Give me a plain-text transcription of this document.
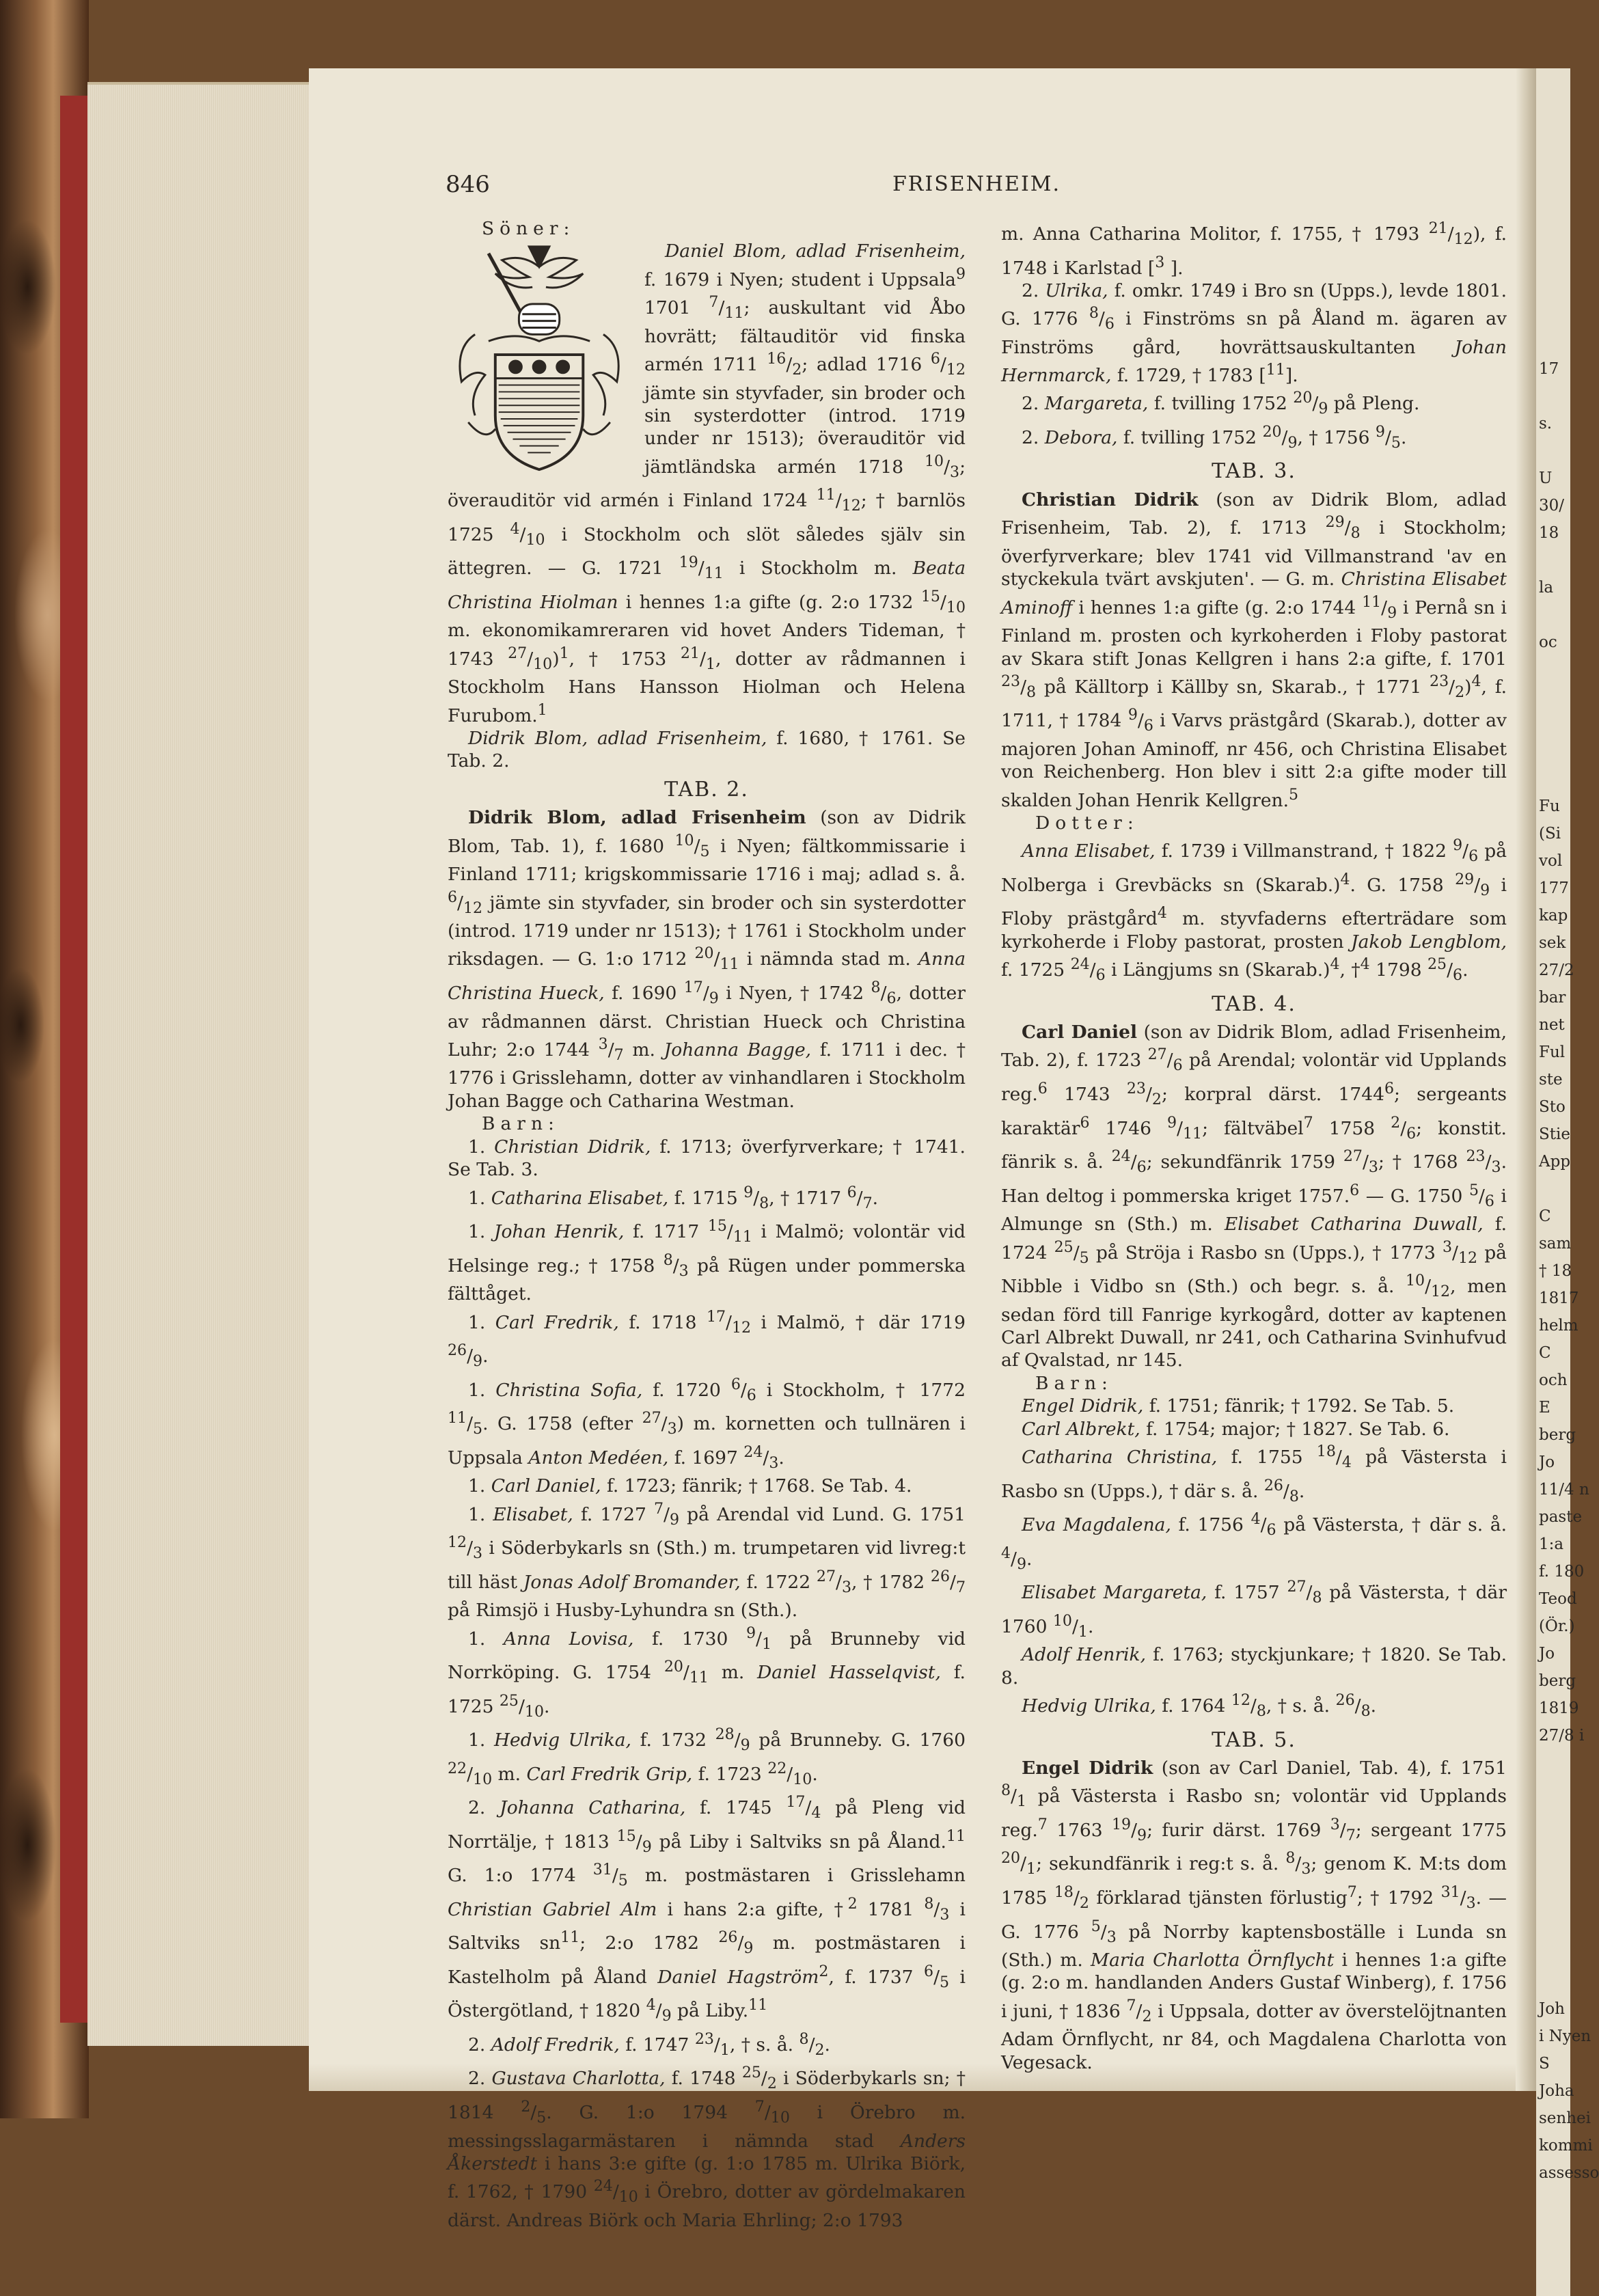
17
s.
U
30/
18
la
oc
Fu
(Si
vol
177
kap
sek
27/2
bar
net
Ful
ste
Sto
Stie
App
C
sam
† 18
1817
helm
C
och
E
berg
Jo
11/4 n
paste
1:a
f. 180
Teod
(Ör.)
Jo
berg
1819
27/8 i
Joh
i Nyen
S
Joha
senhei
kommi
assesso
846	FRISENHEIM.

Söner:

Daniel Blom, adlad Frisenheim, f. 1679 i Nyen; student i Uppsala$^9$ 1701 $^7/_{11}$; auskultant vid Åbo hovrätt; fältauditör vid finska armén 1711 $^{16}/_2$; adlad 1716 $^6/_{12}$ jämte sin styvfader, sin broder och sin systerdotter (introd. 1719 under nr 1513); överauditör vid jämtländska armén 1718 $^{10}/_3$; överauditör vid armén i Finland 1724 $^{11}/_{12}$; † barnlös 1725 $^4/_{10}$ i Stockholm och slöt således själv sin ättegren. — G. 1721 $^{19}/_{11}$ i Stockholm m. Beata Christina Hiolman i hennes 1:a gifte (g. 2:o 1732 $^{15}/_{10}$ m. ekonomikamreraren vid hovet Anders Tideman, † 1743 $^{27}/_{10})^1$, † 1753 $^{21}/_1$, dotter av rådmannen i Stockholm Hans Hansson Hiolman och Helena Furubom.$^1$

Didrik Blom, adlad Frisenheim, f. 1680, † 1761. Se Tab. 2.

TAB. 2.

Didrik Blom, adlad Frisenheim (son av Didrik Blom, Tab. 1), f. 1680 $^{10}/_5$ i Nyen; fältkommissarie i Finland 1711; krigskommissarie 1716 i maj; adlad s. å. $^6/_{12}$ jämte sin styvfader, sin broder och sin systerdotter (introd. 1719 under nr 1513); † 1761 i Stockholm under riksdagen. — G. 1:o 1712 $^{20}/_{11}$ i nämnda stad m. Anna Christina Hueck, f. 1690 $^{17}/_9$ i Nyen, † 1742 $^8/_6$, dotter av rådmannen därst. Christian Hueck och Christina Luhr; 2:o 1744 $^3/_7$ m. Johanna Bagge, f. 1711 i dec. † 1776 i Grisslehamn, dotter av vinhandlaren i Stockholm Johan Bagge och Catharina Westman.

Barn:

1. Christian Didrik, f. 1713; överfyrverkare; † 1741. Se Tab. 3.

1. Catharina Elisabet, f. 1715 $^9/_8$, † 1717 $^6/_7$.

1. Johan Henrik, f. 1717 $^{15}/_{11}$ i Malmö; volontär vid Helsinge reg.; † 1758 $^8/_3$ på Rügen under pommerska fälttåget.

1. Carl Fredrik, f. 1718 $^{17}/_{12}$ i Malmö, † där 1719 $^{26}/_9$.

1. Christina Sofia, f. 1720 $^6/_6$ i Stockholm, † 1772 $^{11}/_5$. G. 1758 (efter $^{27}/_3$) m. kornetten och tullnären i Uppsala Anton Medéen, f. 1697 $^{24}/_3$.

1. Carl Daniel, f. 1723; fänrik; † 1768. Se Tab. 4.

1. Elisabet, f. 1727 $^7/_9$ på Arendal vid Lund. G. 1751 $^{12}/_3$ i Söderbykarls sn (Sth.) m. trumpetaren vid livreg:t till häst Jonas Adolf Bromander, f. 1722 $^{27}/_3$, † 1782 $^{26}/_7$ på Rimsjö i Husby-Lyhundra sn (Sth.).

1. Anna Lovisa, f. 1730 $^9/_1$ på Brunneby vid Norrköping. G. 1754 $^{20}/_{11}$ m. Daniel Hasselqvist, f. 1725 $^{25}/_{10}$.

1. Hedvig Ulrika, f. 1732 $^{28}/_9$ på Brunneby. G. 1760 $^{22}/_{10}$ m. Carl Fredrik Grip, f. 1723 $^{22}/_{10}$.

2. Johanna Catharina, f. 1745 $^{17}/_4$ på Pleng vid Norrtälje, † 1813 $^{15}/_9$ på Liby i Saltviks sn på Åland.$^{11}$ G. 1:o 1774 $^{31}/_5$ m. postmästaren i Grisslehamn Christian Gabriel Alm i hans 2:a gifte, †$^2$ 1781 $^8/_3$ i Saltviks $sn^{11}$; 2:o 1782 $^{26}/_9$ m. postmästaren i Kastelholm på Åland Daniel Hagström$^2$, f. 1737 $^6/_5$ i Östergötland, † 1820 $^4/_9$ på Liby.$^{11}$

2. Adolf Fredrik, f. 1747 $^{23}/_1$, † s. å. $^8/_2$.

2. Gustava Charlotta, f. 1748 $^{25}/_2$ i Söderbykarls sn; † 1814 $^2/_5$. G. 1:o 1794 $^7/_{10}$ i Örebro m. messingsslagarmästaren i nämnda stad Anders Åkerstedt i hans 3:e gifte (g. 1:o 1785 m. Ulrika Biörk, f. 1762, † 1790 $^{24}/_{10}$ i Örebro, dotter av gördelmakaren därst. Andreas Biörk och Maria Ehrling; 2:o 1793

m. Anna Catharina Molitor, f. 1755, † 1793 $^{21}/_{12}$), f. 1748 i Karlstad [$^3$ ].

2. Ulrika, f. omkr. 1749 i Bro sn (Upps.), levde 1801. G. 1776 $^8/_6$ i Finströms sn på Åland m. ägaren av Finströms gård, hovrättsauskultanten Johan Hernmarck, f. 1729, † 1783 [$^{11}$].

2. Margareta, f. tvilling 1752 $^{20}/_9$ på Pleng.

2. Debora, f. tvilling 1752 $^{20}/_9$, † 1756 $^9/_5$.

TAB. 3.

Christian Didrik (son av Didrik Blom, adlad Frisenheim, Tab. 2), f. 1713 $^{29}/_8$ i Stockholm; överfyrverkare; blev 1741 vid Villmanstrand 'av en styckekula tvärt avskjuten'. — G. m. Christina Elisabet Aminoff i hennes 1:a gifte (g. 2:o 1744 $^{11}/_9$ i Pernå sn i Finland m. prosten och kyrkoherden i Floby pastorat av Skara stift Jonas Kellgren i hans 2:a gifte, f. 1701 $^{23}/_8$ på Källtorp i Källby sn, Skarab., † 1771 $^{23}/_2)^4$, f. 1711, † 1784 $^9/_6$ i Varvs prästgård (Skarab.), dotter av majoren Johan Aminoff, nr 456, och Christina Elisabet von Reichenberg. Hon blev i sitt 2:a gifte moder till skalden Johan Henrik Kellgren.$^5$

Dotter:

Anna Elisabet, f. 1739 i Villmanstrand, † 1822 $^9/_6$ på Nolberga i Grevbäcks sn (Skarab.)$^4$. G. 1758 $^{29}/_9$ i Floby prästgård$^4$ m. styvfaderns efterträdare som kyrkoherde i Floby pastorat, prosten Jakob Lengblom, f. 1725 $^{24}/_6$ i Längjums sn (Skarab.)$^4$, †$^4$ 1798 $^{25}/_6$.

TAB. 4.

Carl Daniel (son av Didrik Blom, adlad Frisenheim, Tab. 2), f. 1723 $^{27}/_6$ på Arendal; volontär vid Upplands reg.$^6$ 1743 $^{23}/_2$; korpral därst. 1744$^6$; sergeants karaktär$^6$ 1746 $^9/_{11}$; fältväbel$^7$ 1758 $^2/_6$; konstit. fänrik s. å. $^{24}/_6$; sekundfänrik 1759 $^{27}/_3$; † 1768 $^{23}/_3$. Han deltog i pommerska kriget 1757.$^6$ — G. 1750 $^5/_6$ i Almunge sn (Sth.) m. Elisabet Catharina Duwall, f. 1724 $^{25}/_5$ på Ströja i Rasbo sn (Upps.), † 1773 $^3/_{12}$ på Nibble i Vidbo sn (Sth.) och begr. s. å. $^{10}/_{12}$, men sedan förd till Fanrige kyrkogård, dotter av kaptenen Carl Albrekt Duwall, nr 241, och Catharina Svinhufvud af Qvalstad, nr 145.

Barn:

Engel Didrik, f. 1751; fänrik; † 1792. Se Tab. 5.

Carl Albrekt, f. 1754; major; † 1827. Se Tab. 6.

Catharina Christina, f. 1755 $^{18}/_4$ på Västersta i Rasbo sn (Upps.), † där s. å. $^{26}/_8$.

Eva Magdalena, f. 1756 $^4/_6$ på Västersta, † där s. å. $^4/_9$.

Elisabet Margareta, f. 1757 $^{27}/_8$ på Västersta, † där 1760 $^{10}/_1$.

Adolf Henrik, f. 1763; styckjunkare; † 1820. Se Tab. 8.

Hedvig Ulrika, f. 1764 $^{12}/_8$, † s. å. $^{26}/_8$.

TAB. 5.

Engel Didrik (son av Carl Daniel, Tab. 4), f. 1751 $^8/_1$ på Västersta i Rasbo sn; volontär vid Upplands reg.$^7$ 1763 $^{19}/_9$; furir därst. 1769 $^3/_7$; sergeant 1775 $^{20}/_1$; sekundfänrik i reg:t s. å. $^8/_3$; genom K. M:ts dom 1785 $^{18}/_2$ förklarad tjänsten förlustig$^7$; † 1792 $^{31}/_3$. — G. 1776 $^5/_3$ på Norrby kaptensboställe i Lunda sn (Sth.) m. Maria Charlotta Örnflycht i hennes 1:a gifte (g. 2:o m. handlanden Anders Gustaf Winberg), f. 1756 i juni, † 1836 $^7/_2$ i Uppsala, dotter av överstelöjtnanten Adam Örnflycht, nr 84, och Magdalena Charlotta von Vegesack.
